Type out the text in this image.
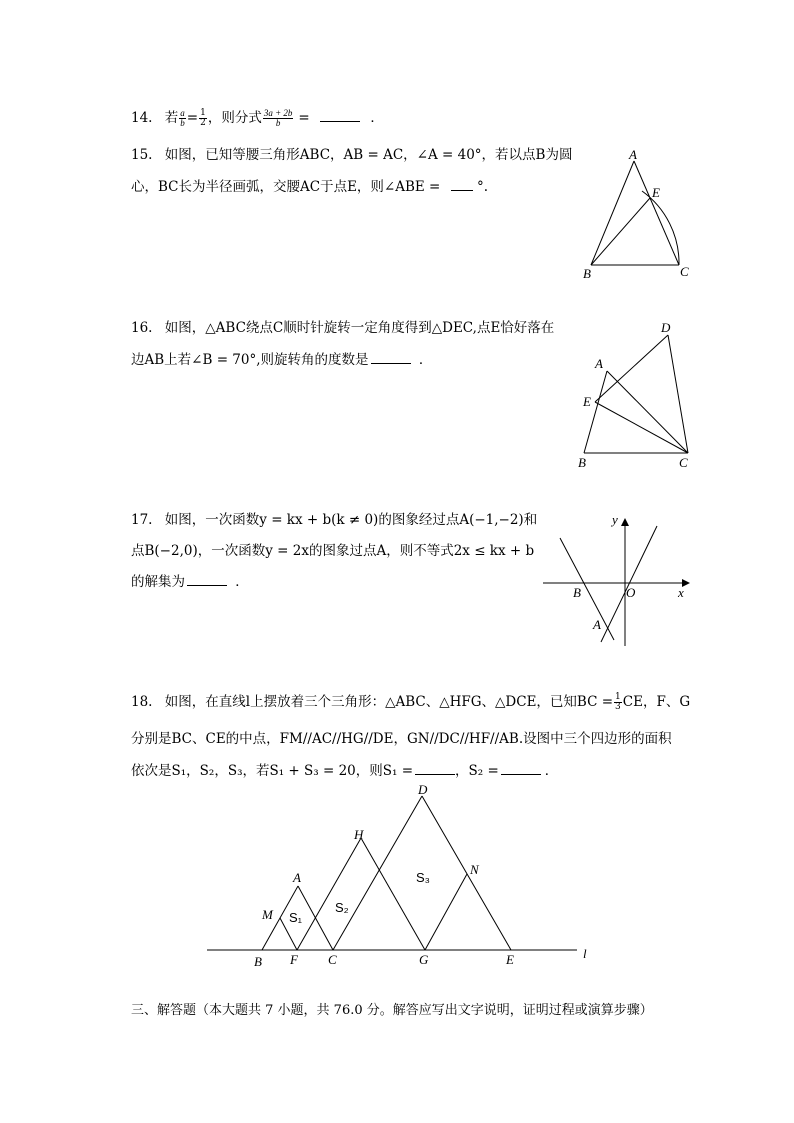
14. 若 $\frac{a}{b} = \frac{1}{2}$ ，则分式 $\frac{3a + 2b}{b}$ =	．
15. 如图，已知等腰三角形ABC，AB = AC，∠A = 40°，若以点B为圆
心，BC长为半径画弧，交腰AC于点E，则∠ABE =	°.
A
E
B	C
16. 如图，△ABC绕点C顺时针旋转一定角度得到△DEC,点E恰好落在
边AB上若∠B = 70°,则旋转角的度数是	．
D
A
E
B	C
17. 如图，一次函数y = kx + b(k ≠ 0)的图象经过点A(−1,−2)和
点B(−2,0)，一次函数y = 2x的图象过点A，则不等式2x ≤ kx + b
的解集为	．
y
x
O
B
A
18. 如图，在直线l上摆放着三个三角形：△ABC、△HFG、△DCE，已知BC = $\frac{1}{3}$ CE，F、G
分别是BC、CE的中点，FM//AC//HG//DE，GN//DC//HF//AB.设图中三个四边形的面积
依次是S₁，S₂，S₃，若S₁ + S₃ = 20，则S₁ =	，S₂ =	．
D
H
A
M
N
B F C	G	E	l
S₁
S₂
S₃
三、解答题（本大题共 7 小题，共 76.0 分。解答应写出文字说明，证明过程或演算步骤）
